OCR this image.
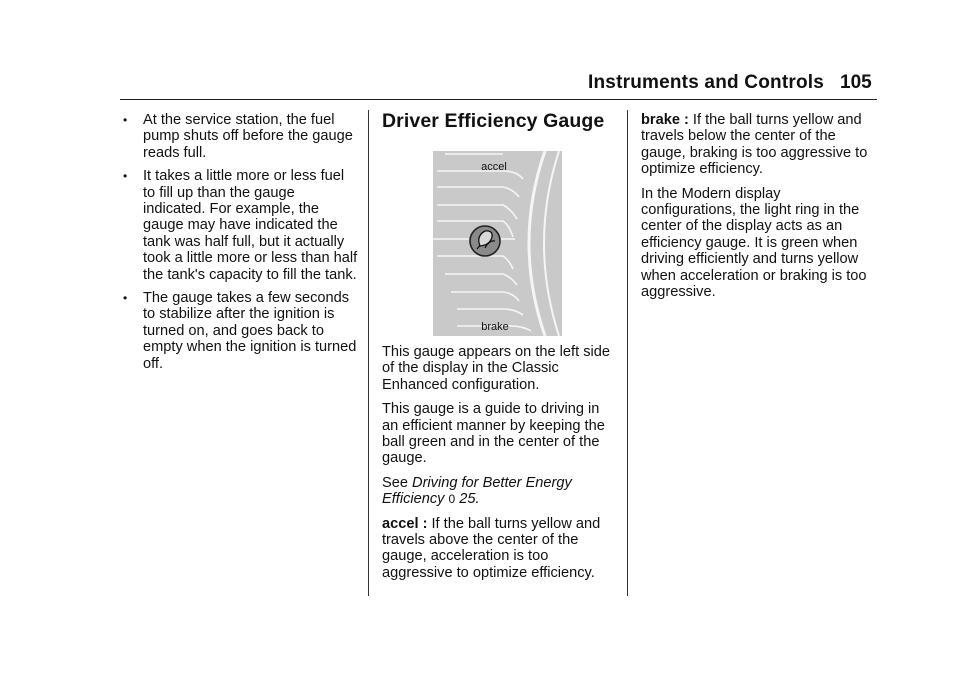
Instruments and Controls 105
•	At the service station, the fuel pump shuts off before the gauge reads full.
•	It takes a little more or less fuel to fill up than the gauge indicated. For example, the gauge may have indicated the tank was half full, but it actually took a little more or less than half the tank's capacity to fill the tank.
•	The gauge takes a few seconds to stabilize after the ignition is turned on, and goes back to empty when the ignition is turned off.
Driver Efficiency Gauge
accel
brake

This gauge appears on the left side of the display in the Classic Enhanced configuration.

This gauge is a guide to driving in an efficient manner by keeping the ball green and in the center of the gauge.

See Driving for Better Energy Efficiency 0 25.

accel : If the ball turns yellow and travels above the center of the gauge, acceleration is too aggressive to optimize efficiency.

brake : If the ball turns yellow and travels below the center of the gauge, braking is too aggressive to optimize efficiency.

In the Modern display configurations, the light ring in the center of the display acts as an efficiency gauge. It is green when driving efficiently and turns yellow when acceleration or braking is too aggressive.
